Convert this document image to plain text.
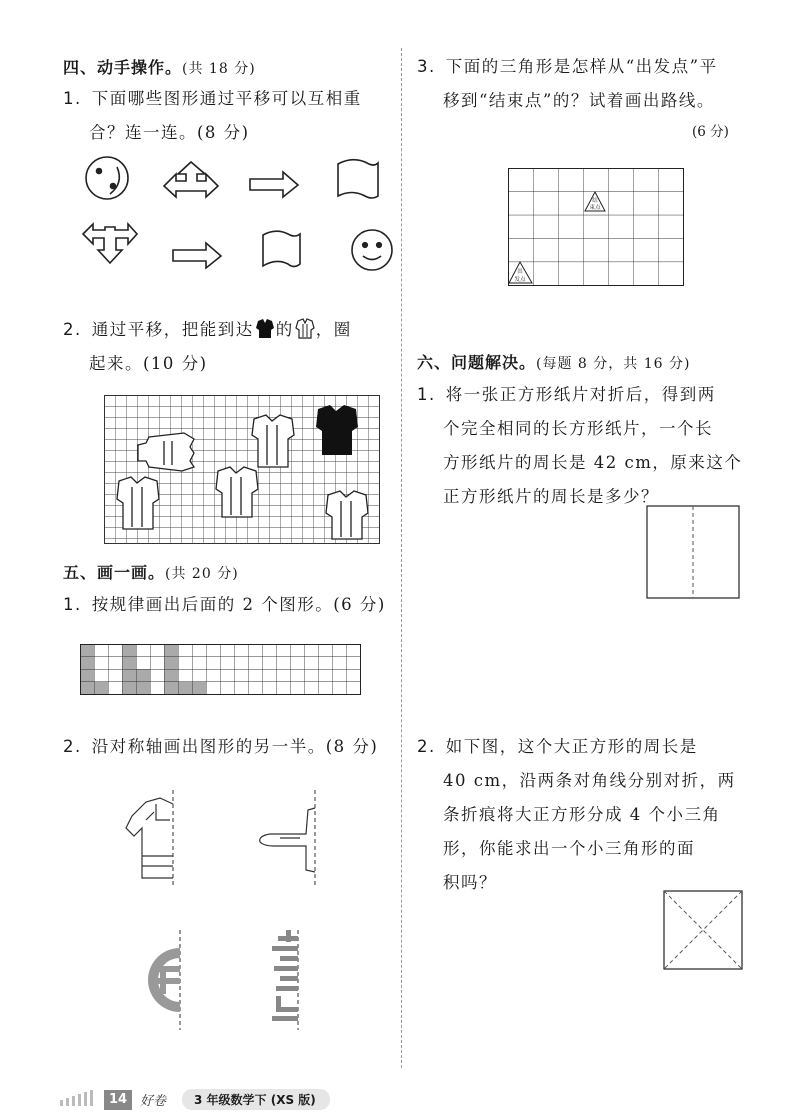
四、动手操作。(共 18 分)
1. 下面哪些图形通过平移可以互相重
合？连一连。(8 分)
2. 通过平移，把能到达 的 ，圈
起来。(10 分)
五、画一画。(共 20 分)
1. 按规律画出后面的 2 个图形。(6 分)
2. 沿对称轴画出图形的另一半。(8 分)
3. 下面的三角形是怎样从“出发点”平
移到“结束点”的？试着画出路线。
(6 分)
结
束点
出
发点
六、问题解决。(每题 8 分，共 16 分)
1. 将一张正方形纸片对折后，得到两
个完全相同的长方形纸片，一个长
方形纸片的周长是 42 cm，原来这个
正方形纸片的周长是多少？
2. 如下图，这个大正方形的周长是
40 cm，沿两条对角线分别对折，两
条折痕将大正方形分成 4 个小三角
形，你能求出一个小三角形的面
积吗？
14 好卷	3 年级数学下 (XS 版)
